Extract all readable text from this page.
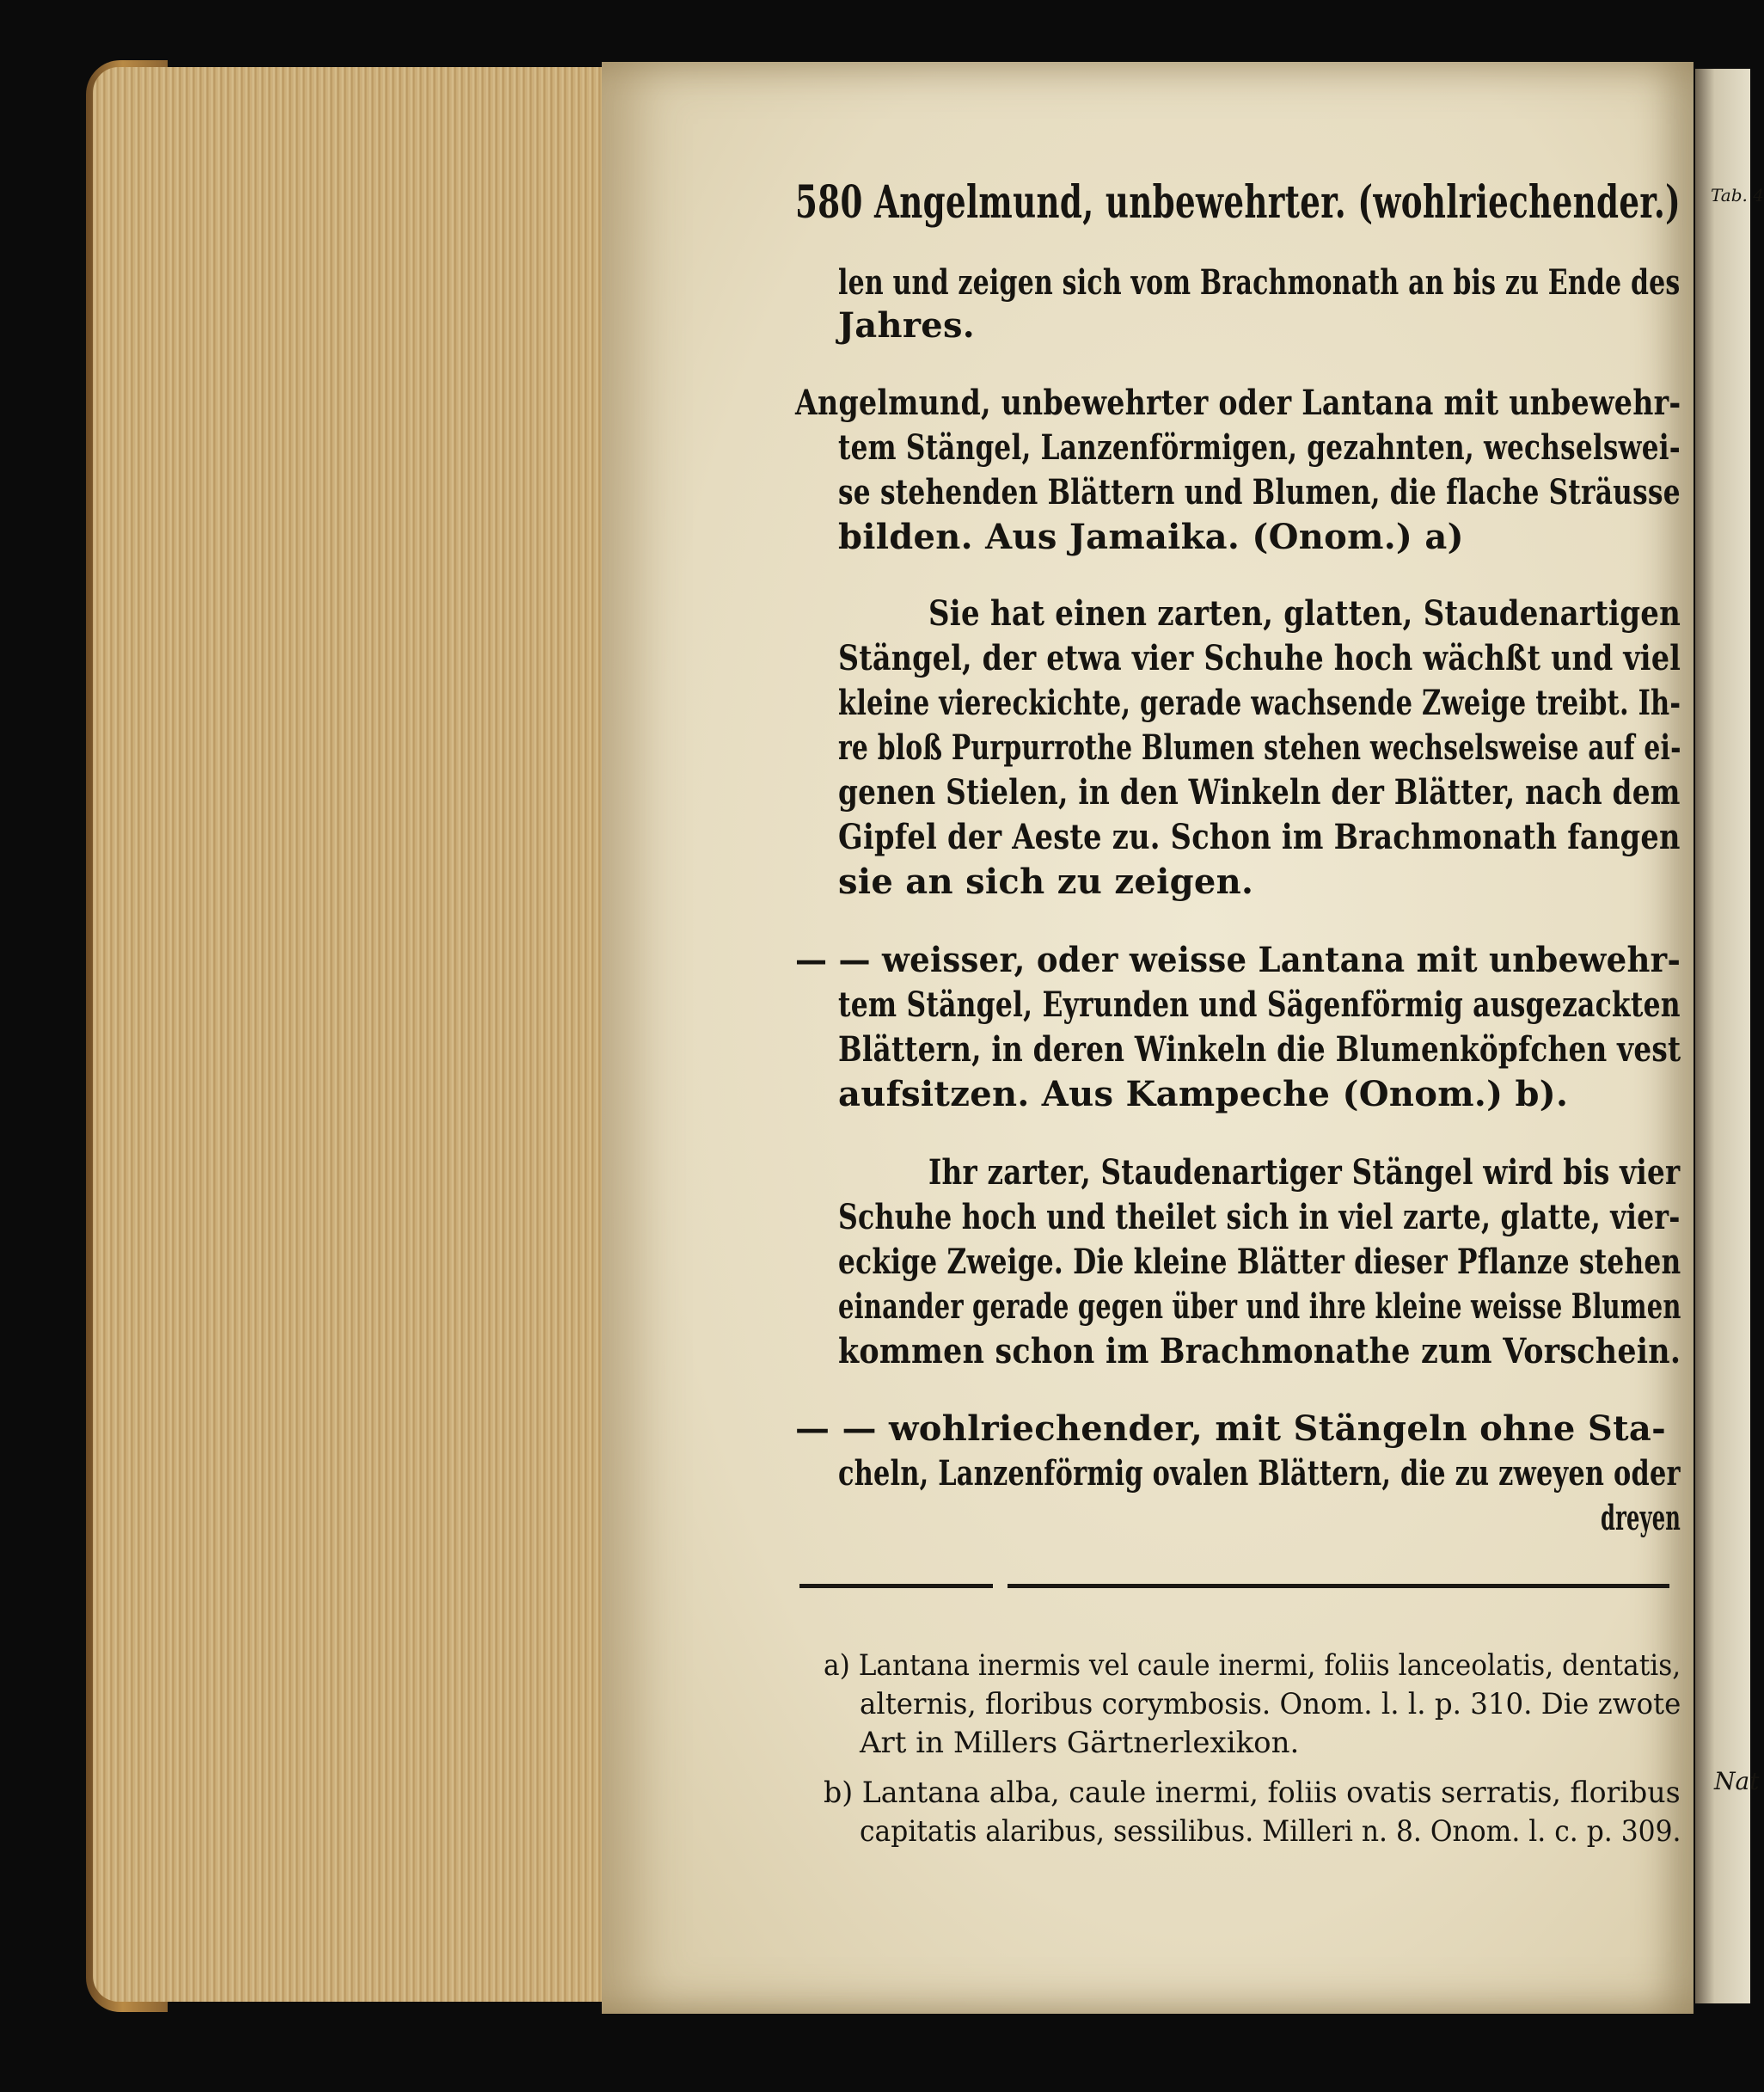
Tab. 4
Nat
580 Angelmund, unbewehrter. (wohlriechender.)
len und zeigen sich vom Brachmonath an bis zu Ende des
Jahres.
Angelmund, unbewehrter oder Lantana mit unbewehr-
tem Stängel, Lanzenförmigen, gezahnten, wechselswei-
se stehenden Blättern und Blumen, die flache Sträusse
bilden. Aus Jamaika. (Onom.) a)
Sie hat einen zarten, glatten, Staudenartigen
Stängel, der etwa vier Schuhe hoch wächßt und viel
kleine viereckichte, gerade wachsende Zweige treibt. Ih-
re bloß Purpurrothe Blumen stehen wechselsweise auf ei-
genen Stielen, in den Winkeln der Blätter, nach dem
Gipfel der Aeste zu. Schon im Brachmonath fangen
sie an sich zu zeigen.
— — weisser, oder weisse Lantana mit unbewehr-
tem Stängel, Eyrunden und Sägenförmig ausgezackten
Blättern, in deren Winkeln die Blumenköpfchen vest
aufsitzen. Aus Kampeche (Onom.) b).
Ihr zarter, Staudenartiger Stängel wird bis vier
Schuhe hoch und theilet sich in viel zarte, glatte, vier-
eckige Zweige. Die kleine Blätter dieser Pflanze stehen
einander gerade gegen über und ihre kleine weisse Blumen
kommen schon im Brachmonathe zum Vorschein.
— — wohlriechender, mit Stängeln ohne Sta-
cheln, Lanzenförmig ovalen Blättern, die zu zweyen oder
dreyen
a) Lantana inermis vel caule inermi, foliis lanceolatis, dentatis,
alternis, floribus corymbosis. Onom. l. l. p. 310. Die zwote
Art in Millers Gärtnerlexikon.
b) Lantana alba, caule inermi, foliis ovatis serratis, floribus
capitatis alaribus, sessilibus. Milleri n. 8. Onom. l. c. p. 309.
